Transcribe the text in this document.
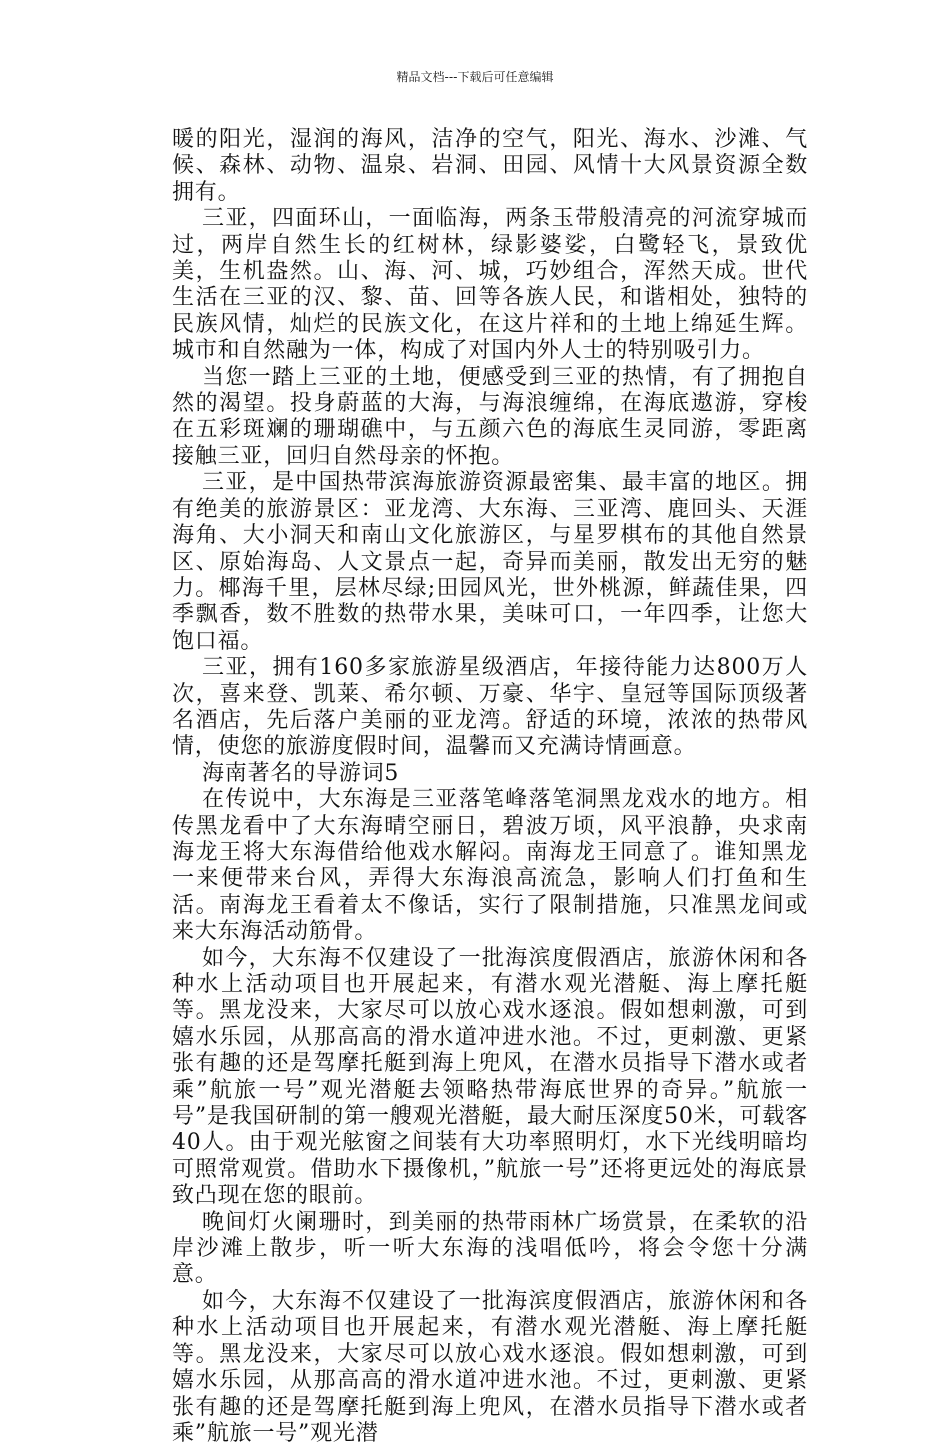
精品文档---下载后可任意编辑

暖的阳光，湿润的海风，洁净的空气，阳光、海水、沙滩、气候、森林、动物、温泉、岩洞、田园、风情十大风景资源全数拥有。

三亚，四面环山，一面临海，两条玉带般清亮的河流穿城而过，两岸自然生长的红树林，绿影婆娑，白鹭轻飞，景致优美，生机盎然。山、海、河、城，巧妙组合，浑然天成。世代生活在三亚的汉、黎、苗、回等各族人民，和谐相处，独特的民族风情，灿烂的民族文化，在这片祥和的土地上绵延生辉。城市和自然融为一体，构成了对国内外人士的特别吸引力。

当您一踏上三亚的土地，便感受到三亚的热情，有了拥抱自然的渴望。投身蔚蓝的大海，与海浪缠绵，在海底遨游，穿梭在五彩斑斓的珊瑚礁中，与五颜六色的海底生灵同游，零距离接触三亚，回归自然母亲的怀抱。

三亚，是中国热带滨海旅游资源最密集、最丰富的地区。拥有绝美的旅游景区：亚龙湾、大东海、三亚湾、鹿回头、天涯海角、大小洞天和南山文化旅游区，与星罗棋布的其他自然景区、原始海岛、人文景点一起，奇异而美丽，散发出无穷的魅力。椰海千里，层林尽绿;田园风光，世外桃源，鲜蔬佳果，四季飘香，数不胜数的热带水果，美味可口，一年四季，让您大饱口福。

三亚，拥有160多家旅游星级酒店，年接待能力达800万人次，喜来登、凯莱、希尔顿、万豪、华宇、皇冠等国际顶级著名酒店，先后落户美丽的亚龙湾。舒适的环境，浓浓的热带风情，使您的旅游度假时间，温馨而又充满诗情画意。

海南著名的导游词5

在传说中，大东海是三亚落笔峰落笔洞黑龙戏水的地方。相传黑龙看中了大东海晴空丽日，碧波万顷，风平浪静，央求南海龙王将大东海借给他戏水解闷。南海龙王同意了。谁知黑龙一来便带来台风，弄得大东海浪高流急，影响人们打鱼和生活。南海龙王看着太不像话，实行了限制措施，只准黑龙间或来大东海活动筋骨。

如今，大东海不仅建设了一批海滨度假酒店，旅游休闲和各种水上活动项目也开展起来，有潜水观光潜艇、海上摩托艇等。黑龙没来，大家尽可以放心戏水逐浪。假如想刺激，可到嬉水乐园，从那高高的滑水道冲进水池。不过，更刺激、更紧张有趣的还是驾摩托艇到海上兜风，在潜水员指导下潜水或者乘”航旅一号”观光潜艇去领略热带海底世界的奇异。”航旅一号”是我国研制的第一艘观光潜艇，最大耐压深度50米，可载客40人。由于观光舷窗之间装有大功率照明灯，水下光线明暗均可照常观赏。借助水下摄像机，”航旅一号”还将更远处的海底景致凸现在您的眼前。

晚间灯火阑珊时，到美丽的热带雨林广场赏景，在柔软的沿岸沙滩上散步，听一听大东海的浅唱低吟，将会令您十分满意。

如今，大东海不仅建设了一批海滨度假酒店，旅游休闲和各种水上活动项目也开展起来，有潜水观光潜艇、海上摩托艇等。黑龙没来，大家尽可以放心戏水逐浪。假如想刺激，可到嬉水乐园，从那高高的滑水道冲进水池。不过，更刺激、更紧张有趣的还是驾摩托艇到海上兜风，在潜水员指导下潜水或者乘”航旅一号”观光潜
